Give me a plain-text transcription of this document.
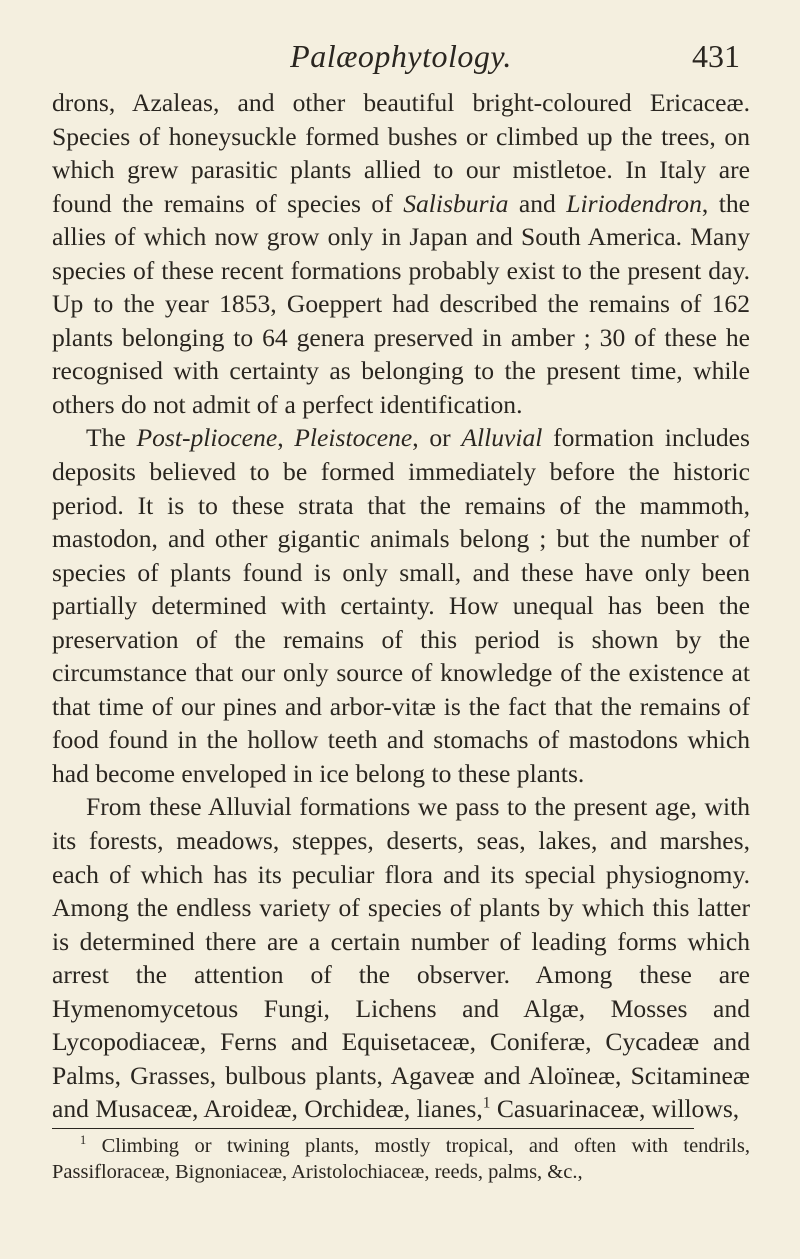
Palæophytology.	431

drons, Azaleas, and other beautiful bright-coloured Ericaceæ. Species of honeysuckle formed bushes or climbed up the trees, on which grew parasitic plants allied to our mistletoe. In Italy are found the remains of species of Salisburia and Liriodendron, the allies of which now grow only in Japan and South America. Many species of these recent formations probably exist to the present day. Up to the year 1853, Goeppert had described the remains of 162 plants belonging to 64 genera preserved in amber ; 30 of these he recognised with certainty as belonging to the present time, while others do not admit of a perfect identification.

The Post-pliocene, Pleistocene, or Alluvial formation includes deposits believed to be formed immediately before the historic period. It is to these strata that the remains of the mammoth, mastodon, and other gigantic animals belong ; but the number of species of plants found is only small, and these have only been partially determined with certainty. How unequal has been the preservation of the remains of this period is shown by the circumstance that our only source of knowledge of the existence at that time of our pines and arbor-vitæ is the fact that the remains of food found in the hollow teeth and stomachs of mastodons which had become enveloped in ice belong to these plants.

From these Alluvial formations we pass to the present age, with its forests, meadows, steppes, deserts, seas, lakes, and marshes, each of which has its peculiar flora and its special physiognomy. Among the endless variety of species of plants by which this latter is determined there are a certain number of leading forms which arrest the attention of the observer. Among these are Hymenomycetous Fungi, Lichens and Algæ, Mosses and Lycopodiaceæ, Ferns and Equisetaceæ, Coniferæ, Cycadeæ and Palms, Grasses, bulbous plants, Agaveæ and Aloïneæ, Scitamineæ and Musaceæ, Aroideæ, Orchideæ, lianes,$^1$ Casuarinaceæ, willows,

$^1$ Climbing or twining plants, mostly tropical, and often with tendrils, Passifloraceæ, Bignoniaceæ, Aristolochiaceæ, reeds, palms, &c.,
